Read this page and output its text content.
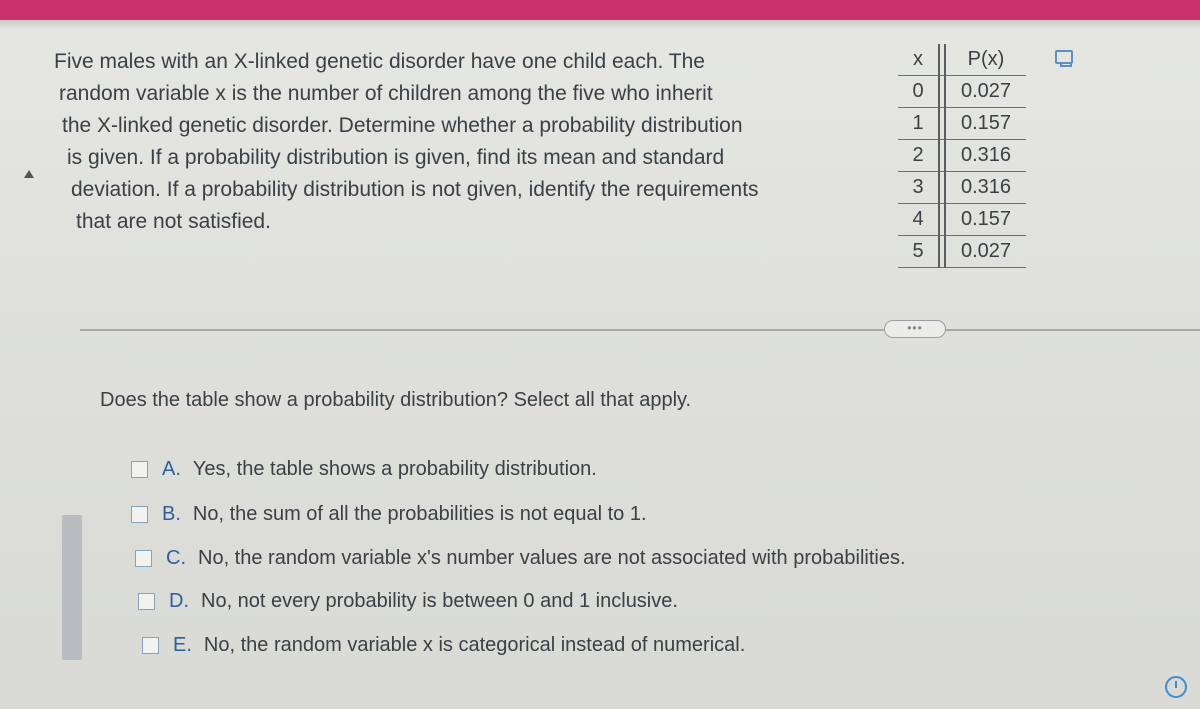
Five males with an X-linked genetic disorder have one child each. The
random variable x is the number of children among the five who inherit
the X-linked genetic disorder. Determine whether a probability distribution
is given. If a probability distribution is given, find its mean and standard
deviation. If a probability distribution is not given, identify the requirements
that are not satisfied.
x		P(x)
0		0.027
1		0.157
2		0.316
3		0.316
4		0.157
5		0.027
•••
Does the table show a probability distribution? Select all that apply.
A. Yes, the table shows a probability distribution.
B. No, the sum of all the probabilities is not equal to 1.
C. No, the random variable x's number values are not associated with probabilities.
D. No, not every probability is between 0 and 1 inclusive.
E. No, the random variable x is categorical instead of numerical.
